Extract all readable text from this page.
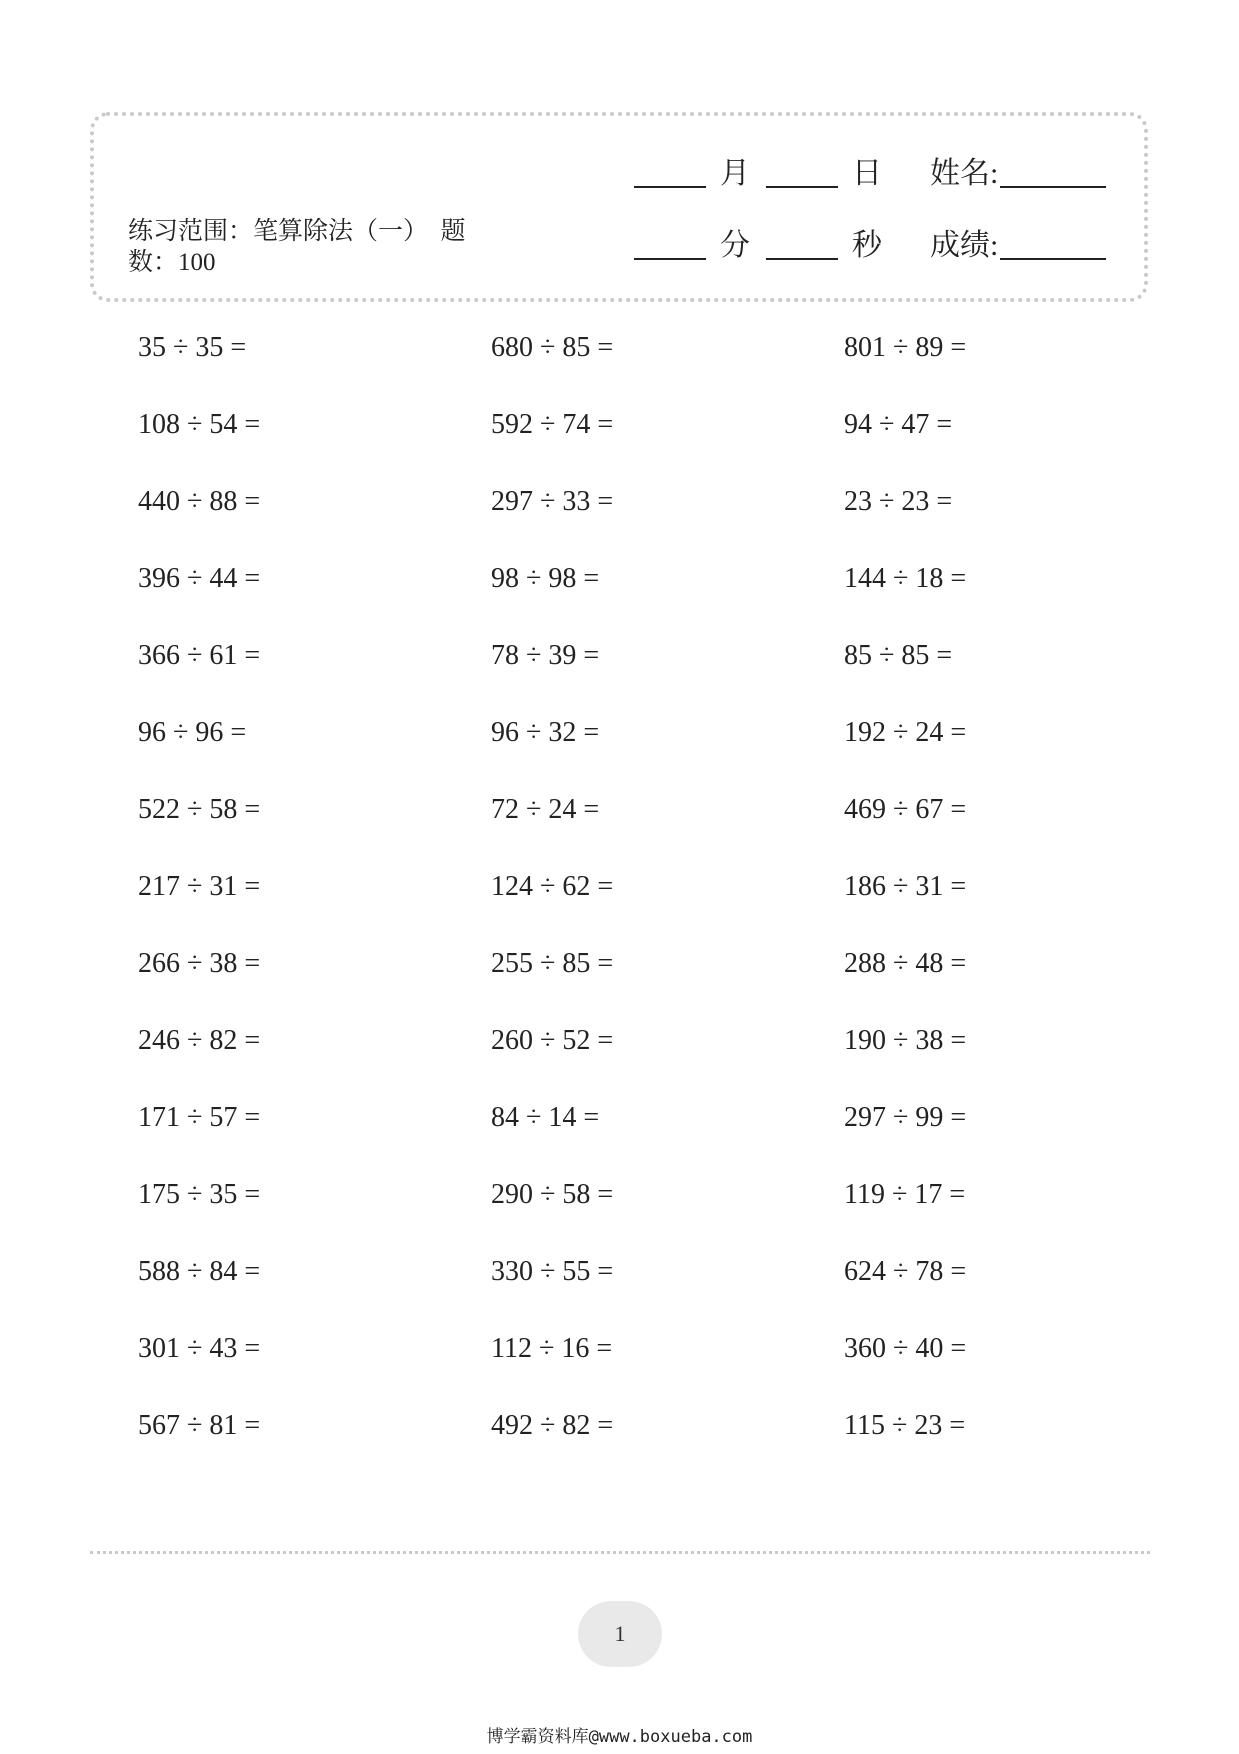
月	日 姓名:
分	秒 成绩:
练习范围：笔算除法（一）　题数：100
35 ÷ 35 =	680 ÷ 85 =	801 ÷ 89 =
108 ÷ 54 =	592 ÷ 74 =	94 ÷ 47 =
440 ÷ 88 =	297 ÷ 33 =	23 ÷ 23 =
396 ÷ 44 =	98 ÷ 98 =	144 ÷ 18 =
366 ÷ 61 =	78 ÷ 39 =	85 ÷ 85 =
96 ÷ 96 =	96 ÷ 32 =	192 ÷ 24 =
522 ÷ 58 =	72 ÷ 24 =	469 ÷ 67 =
217 ÷ 31 =	124 ÷ 62 =	186 ÷ 31 =
266 ÷ 38 =	255 ÷ 85 =	288 ÷ 48 =
246 ÷ 82 =	260 ÷ 52 =	190 ÷ 38 =
171 ÷ 57 =	84 ÷ 14 =	297 ÷ 99 =
175 ÷ 35 =	290 ÷ 58 =	119 ÷ 17 =
588 ÷ 84 =	330 ÷ 55 =	624 ÷ 78 =
301 ÷ 43 =	112 ÷ 16 =	360 ÷ 40 =
567 ÷ 81 =	492 ÷ 82 =	115 ÷ 23 =
1
博学霸资料库@www.boxueba.com
